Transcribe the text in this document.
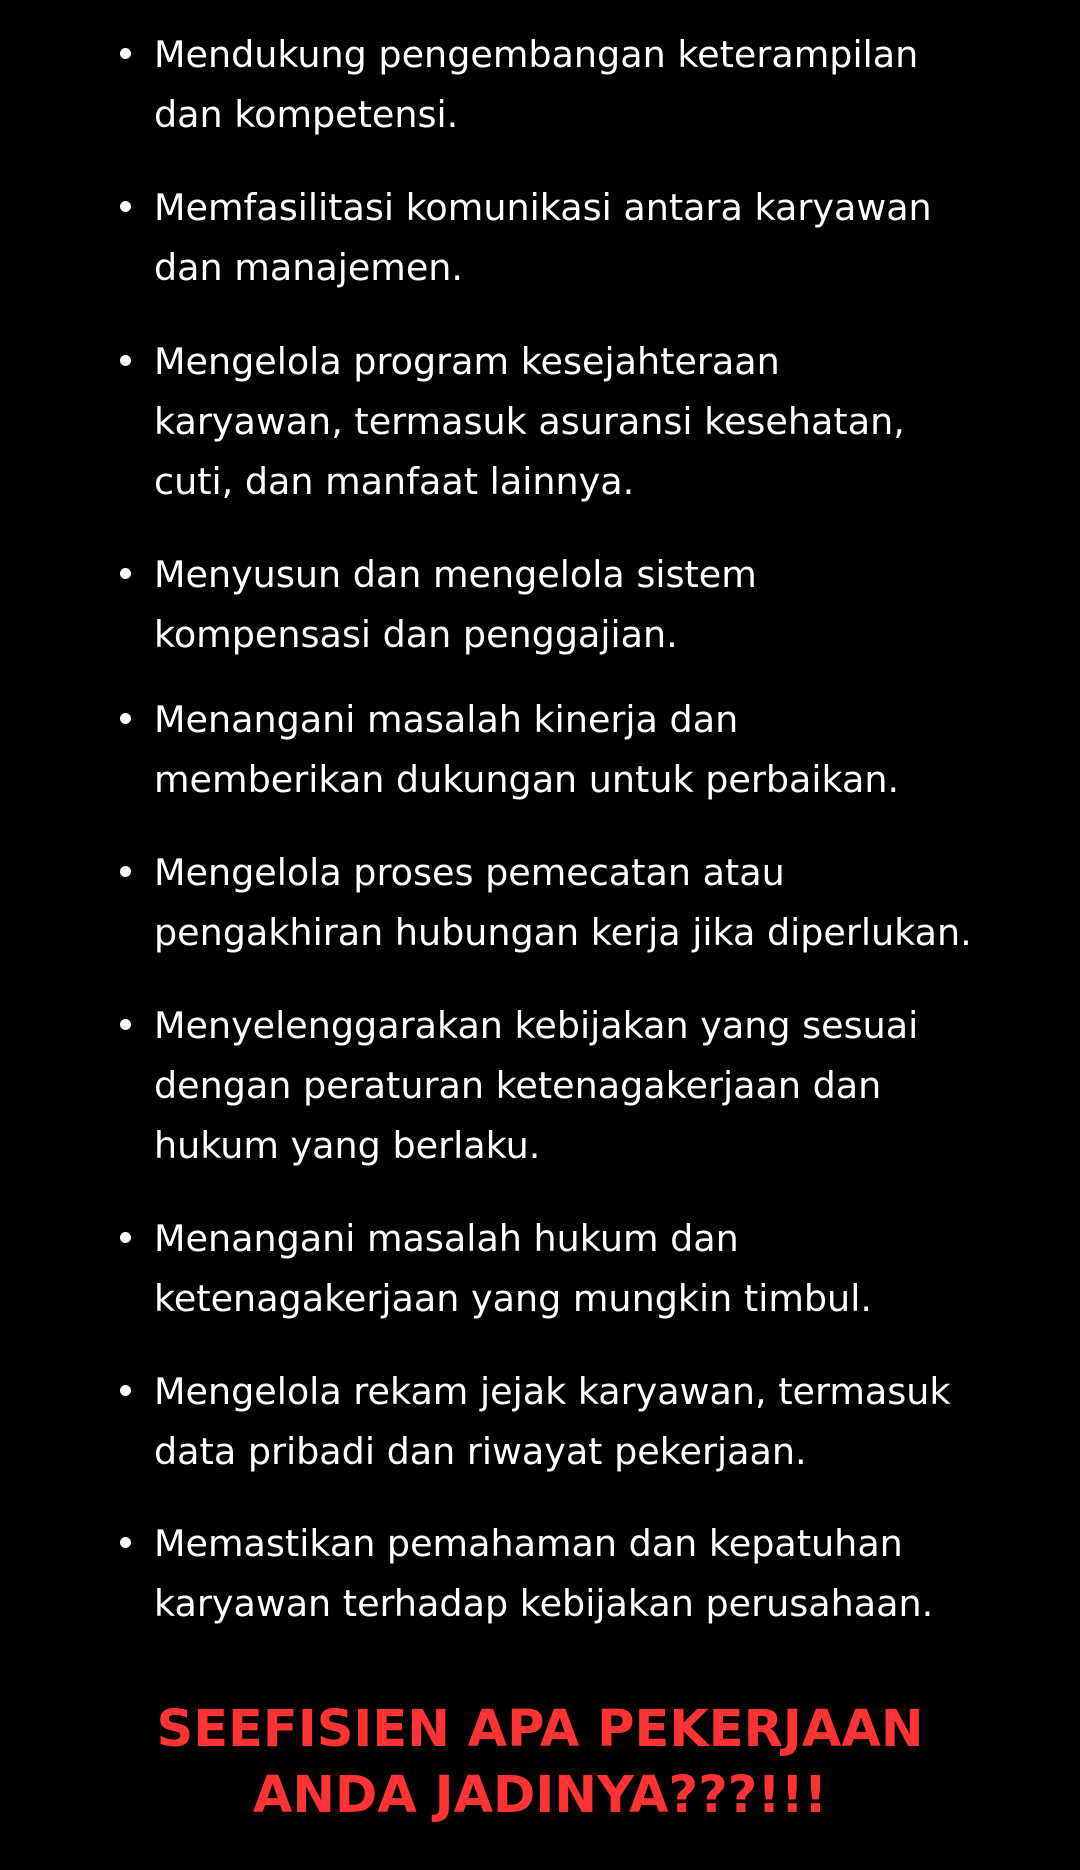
Mendukung pengembangan keterampilan
dan kompetensi.
Memfasilitasi komunikasi antara karyawan
dan manajemen.
Mengelola program kesejahteraan
karyawan, termasuk asuransi kesehatan,
cuti, dan manfaat lainnya.
Menyusun dan mengelola sistem
kompensasi dan penggajian.
Menangani masalah kinerja dan
memberikan dukungan untuk perbaikan.
Mengelola proses pemecatan atau
pengakhiran hubungan kerja jika diperlukan.
Menyelenggarakan kebijakan yang sesuai
dengan peraturan ketenagakerjaan dan
hukum yang berlaku.
Menangani masalah hukum dan
ketenagakerjaan yang mungkin timbul.
Mengelola rekam jejak karyawan, termasuk
data pribadi dan riwayat pekerjaan.
Memastikan pemahaman dan kepatuhan
karyawan terhadap kebijakan perusahaan.
SEEFISIEN APA PEKERJAAN
ANDA JADINYA???!!!
